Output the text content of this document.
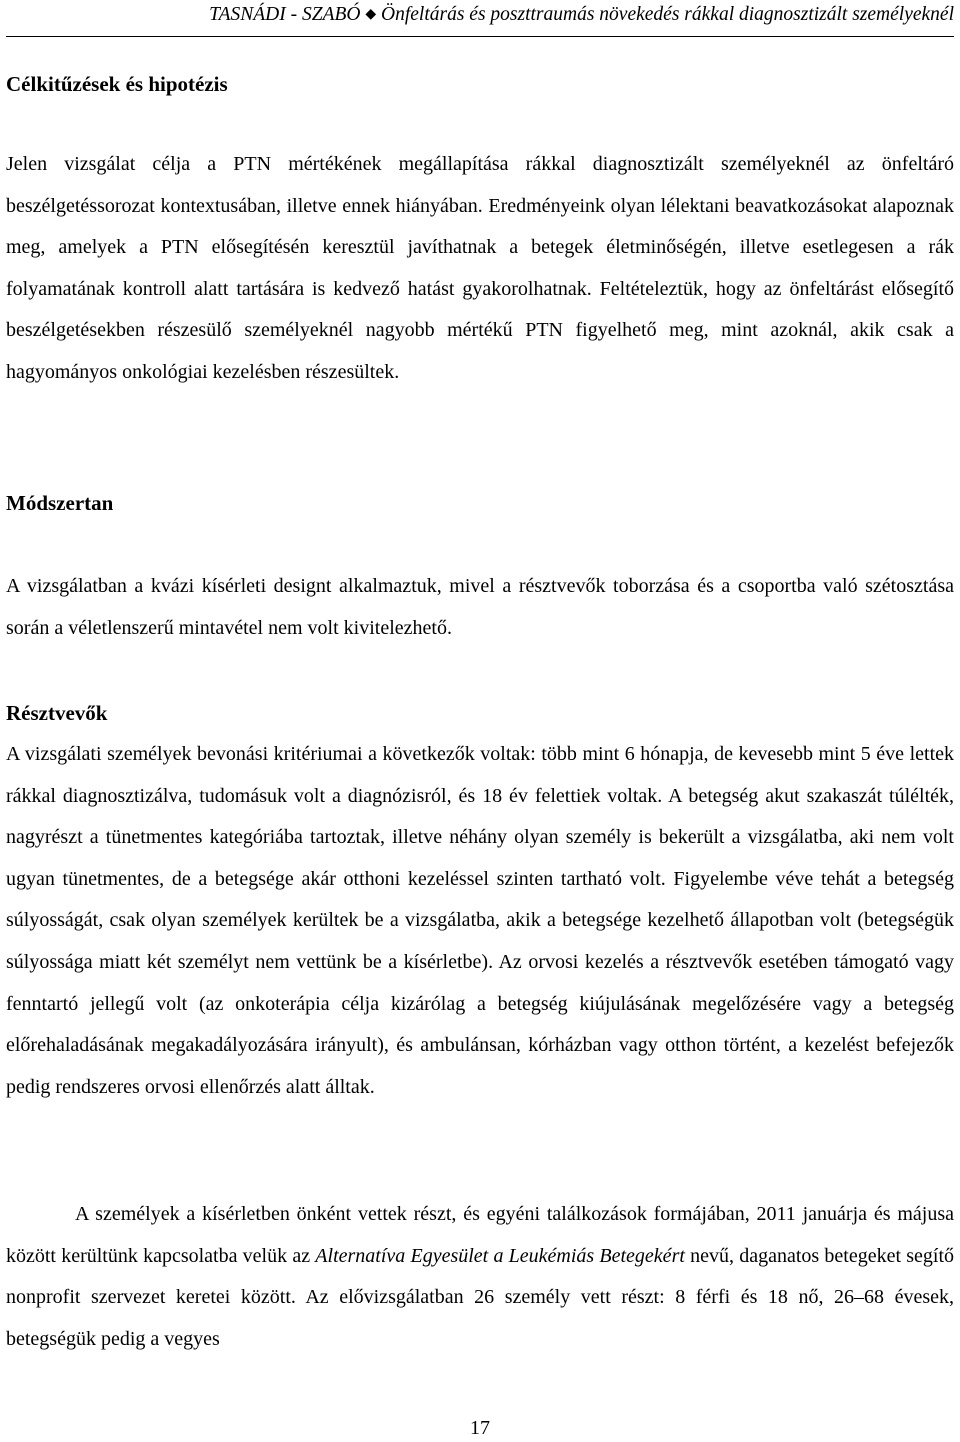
TASNÁDI - SZABÓ ◆ Önfeltárás és poszttraumás növekedés rákkal diagnosztizált személyeknél
Célkitűzések és hipotézis
Jelen vizsgálat célja a PTN mértékének megállapítása rákkal diagnosztizált személyeknél az önfeltáró beszélgetéssorozat kontextusában, illetve ennek hiányában. Eredményeink olyan lélektani beavatkozásokat alapoznak meg, amelyek a PTN elősegítésén keresztül javíthatnak a betegek életminőségén, illetve esetlegesen a rák folyamatának kontroll alatt tartására is kedvező hatást gyakorolhatnak. Feltételeztük, hogy az önfeltárást elősegítő beszélgetésekben részesülő személyeknél nagyobb mértékű PTN figyelhető meg, mint azoknál, akik csak a hagyományos onkológiai kezelésben részesültek.
Módszertan
A vizsgálatban a kvázi kísérleti designt alkalmaztuk, mivel a résztvevők toborzása és a csoportba való szétosztása során a véletlenszerű mintavétel nem volt kivitelezhető.
Résztvevők
A vizsgálati személyek bevonási kritériumai a következők voltak: több mint 6 hónapja, de kevesebb mint 5 éve lettek rákkal diagnosztizálva, tudomásuk volt a diagnózisról, és 18 év felettiek voltak. A betegség akut szakaszát túlélték, nagyrészt a tünetmentes kategóriába tartoztak, illetve néhány olyan személy is bekerült a vizsgálatba, aki nem volt ugyan tünetmentes, de a betegsége akár otthoni kezeléssel szinten tartható volt. Figyelembe véve tehát a betegség súlyosságát, csak olyan személyek kerültek be a vizsgálatba, akik a betegsége kezelhető állapotban volt (betegségük súlyossága miatt két személyt nem vettünk be a kísérletbe). Az orvosi kezelés a résztvevők esetében támogató vagy fenntartó jellegű volt (az onkoterápia célja kizárólag a betegség kiújulásának megelőzésére vagy a betegség előrehaladásának megakadályozására irányult), és ambulánsan, kórházban vagy otthon történt, a kezelést befejezők pedig rendszeres orvosi ellenőrzés alatt álltak.
A személyek a kísérletben önként vettek részt, és egyéni találkozások formájában, 2011 januárja és májusa között kerültünk kapcsolatba velük az Alternatíva Egyesület a Leukémiás Betegekért nevű, daganatos betegeket segítő nonprofit szervezet keretei között. Az elővizsgálatban 26 személy vett részt: 8 férfi és 18 nő, 26–68 évesek, betegségük pedig a vegyes
17
